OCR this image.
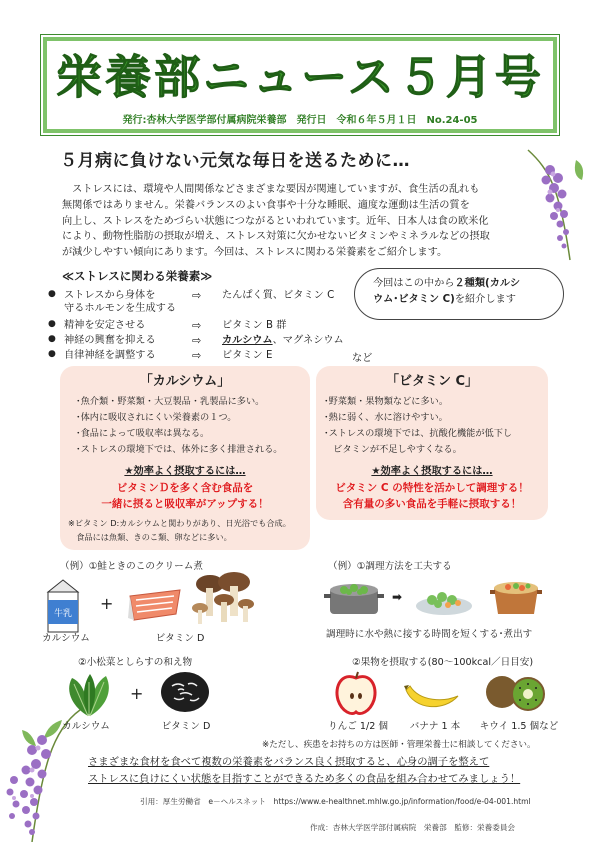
栄養部ニュース５月号
発行:杏林大学医学部付属病院栄養部　発行日　令和６年５月１日　No.24-05
５月病に負けない元気な毎日を送るために…
　ストレスには、環境や人間関係などさまざまな要因が関連していますが、食生活の乱れも
無関係ではありません。栄養バランスのよい食事や十分な睡眠、適度な運動は生活の質を
向上し、ストレスをためづらい状態につながるといわれています。近年、日本人は食の欧米化
により、動物性脂肪の摂取が増え、ストレス対策に欠かせないビタミンやミネラルなどの摂取
が減少しやすい傾向にあります。今回は、ストレスに関わる栄養素をご紹介します。
≪ストレスに関わる栄養素≫
今回はこの中から２種類(カルシ
ウム･ビタミン C)を紹介します
● ストレスから身体を
守るホルモンを生成する
⇨	たんぱく質、ビタミン C
● 精神を安定させる	⇨	ビタミン B 群
● 神経の興奮を抑える	⇨	カルシウム、マグネシウム
● 自律神経を調整する	⇨	ビタミン E	など
「カルシウム」
･魚介類・野菜類・大豆製品・乳製品に多い。
･体内に吸収されにくい栄養素の１つ。
･食品によって吸収率は異なる。
･ストレスの環境下では、体外に多く排泄される。
★効率よく摂取するには…
ビタミンＤを多く含む食品を
一緒に摂ると吸収率がアップする！
※ビタミン D:カルシウムと関わりがあり、日光浴でも合成。
　食品には魚類、きのこ類、卵などに多い。
「ビタミン C」
･野菜類・果物類などに多い。
･熱に弱く、水に溶けやすい。
･ストレスの環境下では、抗酸化機能が低下し
　ビタミンが不足しやすくなる。
★効率よく摂取するには…
ビタミン C の特性を活かして調理する！
含有量の多い食品を手軽に摂取する！
（例）①鮭ときのこのクリーム煮
牛乳
+
カルシウム	ビタミン D
②小松菜としらすの和え物
+
カルシウム	ビタミン D
（例）①調理方法を工夫する
➡
調理時に水や熱に接する時間を短くする･煮出す
②果物を摂取する(80～100kcal／日目安)
りんご 1/2 個	バナナ 1 本	キウイ 1.5 個など
※ただし、疾患をお持ちの方は医師・管理栄養士に相談してください。
さまざまな食材を食べて複数の栄養素をバランス良く摂取すると、心身の調子を整えて
ストレスに負けにくい状態を目指すことができるため多くの食品を組み合わせてみましょう！
引用：厚生労働省　e－ヘルスネット　https://www.e-healthnet.mhlw.go.jp/information/food/e-04-001.html
作成：杏林大学医学部付属病院　栄養部　監修：栄養委員会
